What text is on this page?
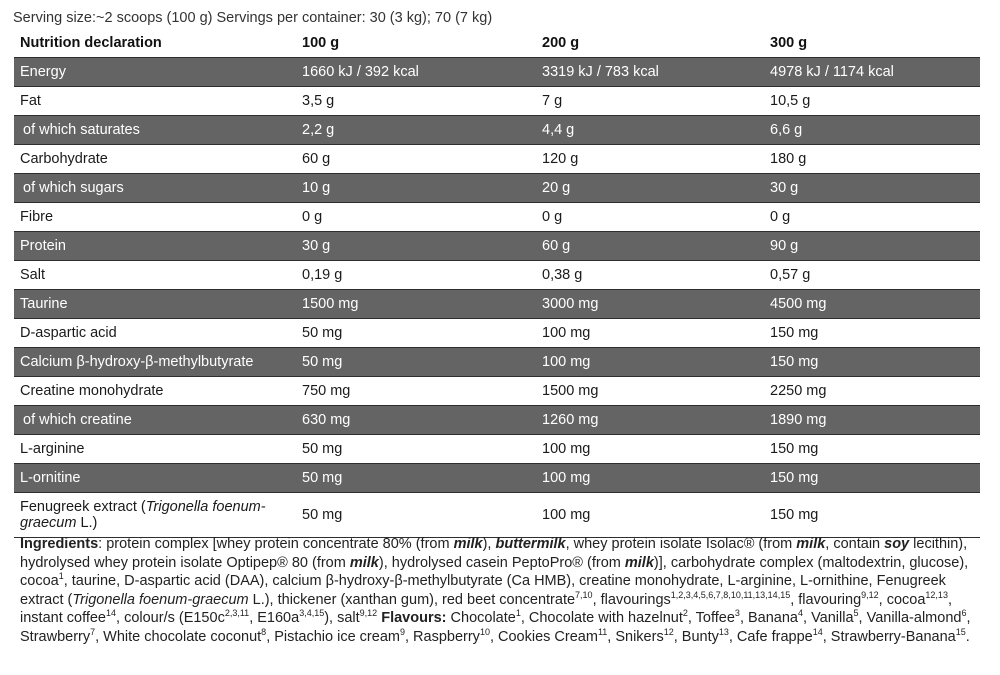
Serving size:~2 scoops (100 g) Servings per container: 30 (3 kg); 70 (7 kg)
Nutrition declaration	100 g	200 g	300 g
Energy	1660 kJ / 392 kcal	3319 kJ / 783 kcal	4978 kJ / 1174 kcal
Fat	3,5 g	7 g	10,5 g
of which saturates	2,2 g	4,4 g	6,6 g
Carbohydrate	60 g	120 g	180 g
of which sugars	10 g	20 g	30 g
Fibre	0 g	0 g	0 g
Protein	30 g	60 g	90 g
Salt	0,19 g	0,38 g	0,57 g
Taurine	1500 mg	3000 mg	4500 mg
D-aspartic acid	50 mg	100 mg	150 mg
Calcium β-hydroxy-β-methylbutyrate	50 mg	100 mg	150 mg
Creatine monohydrate	750 mg	1500 mg	2250 mg
of which creatine	630 mg	1260 mg	1890 mg
L-arginine	50 mg	100 mg	150 mg
L-ornitine	50 mg	100 mg	150 mg
Fenugreek extract (Trigonella foenum-graecum L.)	50 mg	100 mg	150 mg
Ingredients: protein complex [whey protein concentrate 80% (from milk), buttermilk, whey protein isolate Isolac® (from milk, contain soy lecithin), hydrolysed whey protein isolate Optipep® 80 (from milk), hydrolysed casein PeptoPro® (from milk)], carbohydrate complex (maltodextrin, glucose), cocoa$^1$, taurine, D-aspartic acid (DAA), calcium β-hydroxy-β-methylbutyrate (Ca HMB), creatine monohydrate, L-arginine, L-ornithine, Fenugreek extract (Trigonella foenum-graecum L.), thickener (xanthan gum), red beet concentrate$^{7,10}$, flavourings$^{1,2,3,4,5,6,7,8,10,11,13,14,15}$, flavouring$^{9,12}$, cocoa$^{12,13}$, instant coffee$^{14}$, colour/s ($E150c^{2,3,11}$, $E160a^{3,4,15}$), salt$^{9,12}$ Flavours: Chocolate$^1$, Chocolate with hazelnut$^2$, Toffee$^3$, Banana$^4$, Vanilla$^5$, Vanilla-almond$^6$, Strawberry$^7$, White chocolate coconut$^8$, Pistachio ice cream$^9$, Raspberry$^{10}$, Cookies Cream$^{11}$, Snikers$^{12}$, Bunty$^{13}$, Cafe frappe$^{14}$, Strawberry-Banana$^{15}$.
